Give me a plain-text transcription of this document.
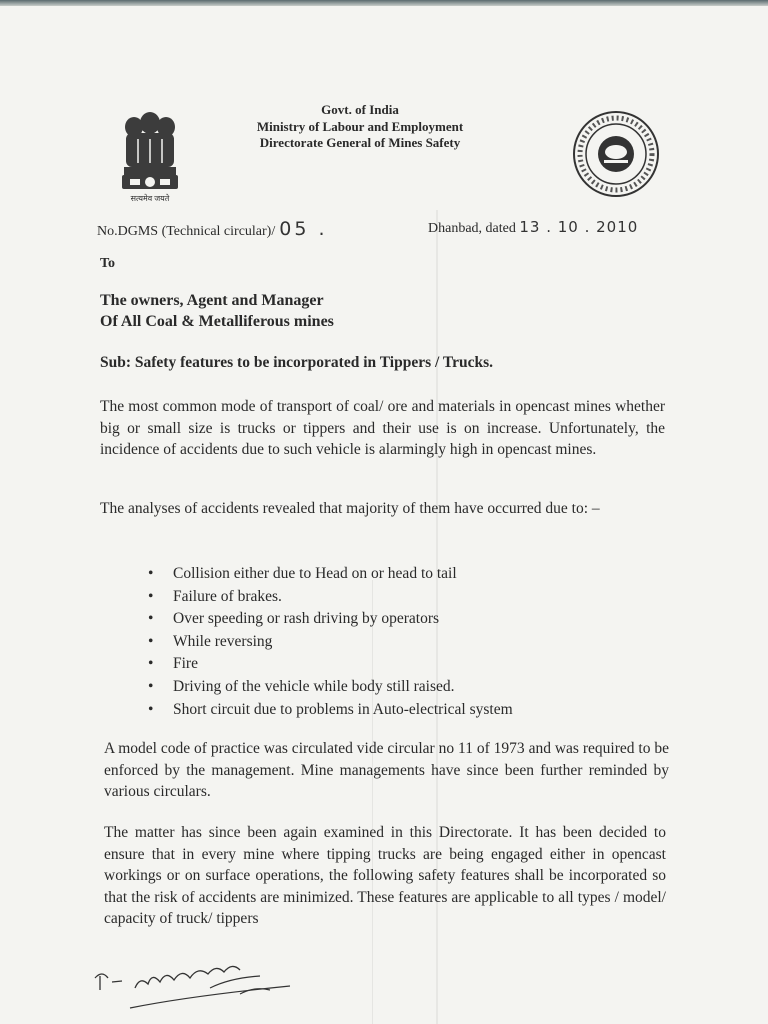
सत्यमेव जयते
Govt. of India
Ministry of Labour and Employment
Directorate General of Mines Safety
No.DGMS (Technical circular)/ 05 .	Dhanbad, dated 13 . 10 . 2010
To
The owners, Agent and Manager
Of All Coal & Metalliferous mines
Sub: Safety features to be incorporated in Tippers / Trucks.

The most common mode of transport of coal/ ore and materials in opencast mines whether big or small size is trucks or tippers and their use is on increase. Unfortunately, the incidence of accidents due to such vehicle is alarmingly high in opencast mines.

The analyses of accidents revealed that majority of them have occurred due to: –

• Collision either due to Head on or head to tail
• Failure of brakes.
• Over speeding or rash driving by operators
• While reversing
• Fire
• Driving of the vehicle while body still raised.
• Short circuit due to problems in Auto-electrical system

A model code of practice was circulated vide circular no 11 of 1973 and was required to be enforced by the management. Mine managements have since been further reminded by various circulars.

The matter has since been again examined in this Directorate. It has been decided to ensure that in every mine where tipping trucks are being engaged either in opencast workings or on surface operations, the following safety features shall be incorporated so that the risk of accidents are minimized. These features are applicable to all types / model/ capacity of truck/ tippers
